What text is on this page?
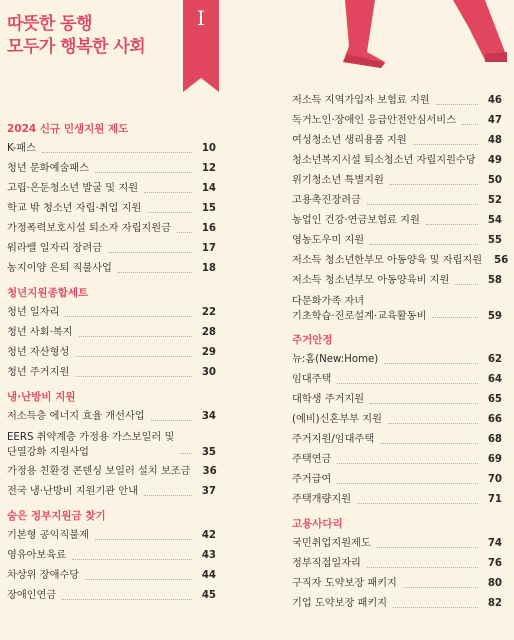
따뜻한 동행
모두가 행복한 사회
I
2024 신규 민생지원 제도
K-패스	10
청년 문화예술패스	12
고립·은둔청소년 발굴 및 지원	14
학교 밖 청소년 자립·취업 지원	15
가정폭력보호시설 퇴소자 자립지원금	16
워라밸 일자리 장려금	17
농지이양 은퇴 직불사업	18
청년지원종합세트
청년 일자리	22
청년 사회·복지	28
청년 자산형성	29
청년 주거지원	30
냉·난방비 지원
저소득층 에너지 효율 개선사업	34
EERS 취약계층 가정용 가스보일러 및
단열강화 지원사업	35
가정용 친환경 콘덴싱 보일러 설치 보조금 36
전국 냉·난방비 지원기관 안내	37
숨은 정부지원금 찾기
기본형 공익직불제	42
영유아보육료	43
차상위 장애수당	44
장애인연금	45
저소득 지역가입자 보험료 지원	46
독거노인·장애인 응급안전안심서비스	47
여성청소년 생리용품 지원	48
청소년복지시설 퇴소청소년 자립지원수당 49
위기청소년 특별지원	50
고용촉진장려금	52
농업인 건강·연금보험료 지원	54
영농도우미 지원	55
저소득 청소년한부모 아동양육 및 자립지원 56
저소득 청소년부모 아동양육비 지원	58
다문화가족 자녀
기초학습·진로설계·교육활동비	59
주거안정
뉴:홈(New:Home)	62
임대주택	64
대학생 주거지원	65
(예비)신혼부부 지원	66
주거지원/임대주택	68
주택연금	69
주거급여	70
주택개량지원	71
고용사다리
국민취업지원제도	74
정부직접일자리	76
구직자 도약보장 패키지	80
기업 도약보장 패키지	82
